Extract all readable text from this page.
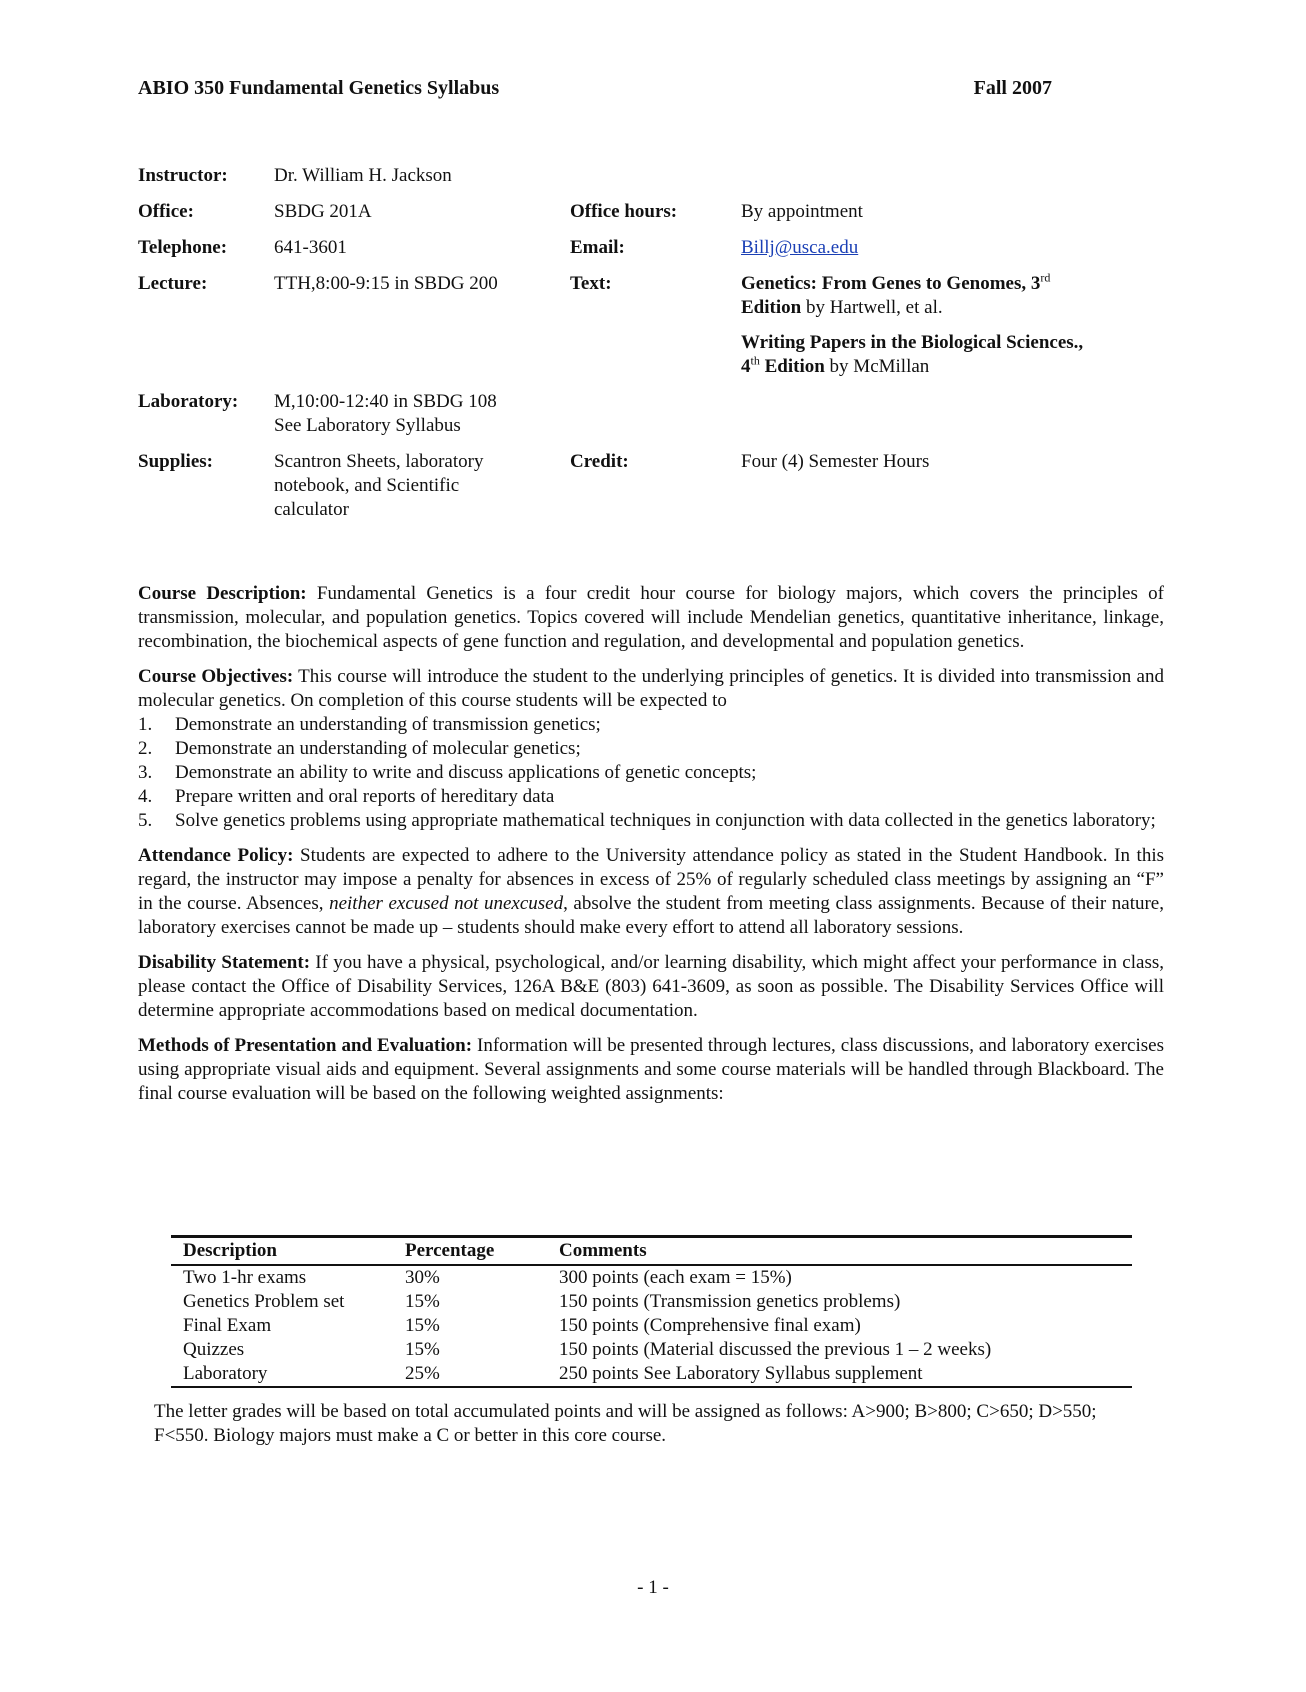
ABIO 350 Fundamental Genetics Syllabus	Fall 2007
Instructor: Dr. William H. Jackson
Office:	SBDG 201A	Office hours:	By appointment
Telephone: 641-3601	Email:	Billj@usca.edu
Lecture:	TTH,8:00-9:15 in SBDG 200	Text:	Genetics: From Genes to Genomes, 3rd
Edition by Hartwell, et al.
Writing Papers in the Biological Sciences.,
4th Edition by McMillan
Laboratory: M,10:00-12:40 in SBDG 108
See Laboratory Syllabus
Supplies:	Scantron Sheets, laboratory notebook, and Scientific calculator
Credit:	Four (4) Semester Hours

Course Description: Fundamental Genetics is a four credit hour course for biology majors, which covers the principles of transmission, molecular, and population genetics. Topics covered will include Mendelian genetics, quantitative inheritance, linkage, recombination, the biochemical aspects of gene function and regulation, and developmental and population genetics.

Course Objectives: This course will introduce the student to the underlying principles of genetics. It is divided into transmission and molecular genetics. On completion of this course students will be expected to

1. Demonstrate an understanding of transmission genetics;
2. Demonstrate an understanding of molecular genetics;
3. Demonstrate an ability to write and discuss applications of genetic concepts;
4. Prepare written and oral reports of hereditary data
5. Solve genetics problems using appropriate mathematical techniques in conjunction with data collected in the genetics laboratory;

Attendance Policy: Students are expected to adhere to the University attendance policy as stated in the Student Handbook. In this regard, the instructor may impose a penalty for absences in excess of 25% of regularly scheduled class meetings by assigning an “F” in the course. Absences, neither excused not unexcused, absolve the student from meeting class assignments. Because of their nature, laboratory exercises cannot be made up – students should make every effort to attend all laboratory sessions.

Disability Statement: If you have a physical, psychological, and/or learning disability, which might affect your performance in class, please contact the Office of Disability Services, 126A B&E (803) 641-3609, as soon as possible. The Disability Services Office will determine appropriate accommodations based on medical documentation.

Methods of Presentation and Evaluation: Information will be presented through lectures, class discussions, and laboratory exercises using appropriate visual aids and equipment. Several assignments and some course materials will be handled through Blackboard. The final course evaluation will be based on the following weighted assignments:

Description	Percentage	Comments
Two 1-hr exams	30%	300 points (each exam = 15%)
Genetics Problem set	15%	150 points (Transmission genetics problems)
Final Exam	15%	150 points (Comprehensive final exam)
Quizzes	15%	150 points (Material discussed the previous 1 – 2 weeks)
Laboratory	25%	250 points See Laboratory Syllabus supplement
The letter grades will be based on total accumulated points and will be assigned as follows: A>900; B>800; C>650; D>550; F<550. Biology majors must make a C or better in this core course.
- 1 -
